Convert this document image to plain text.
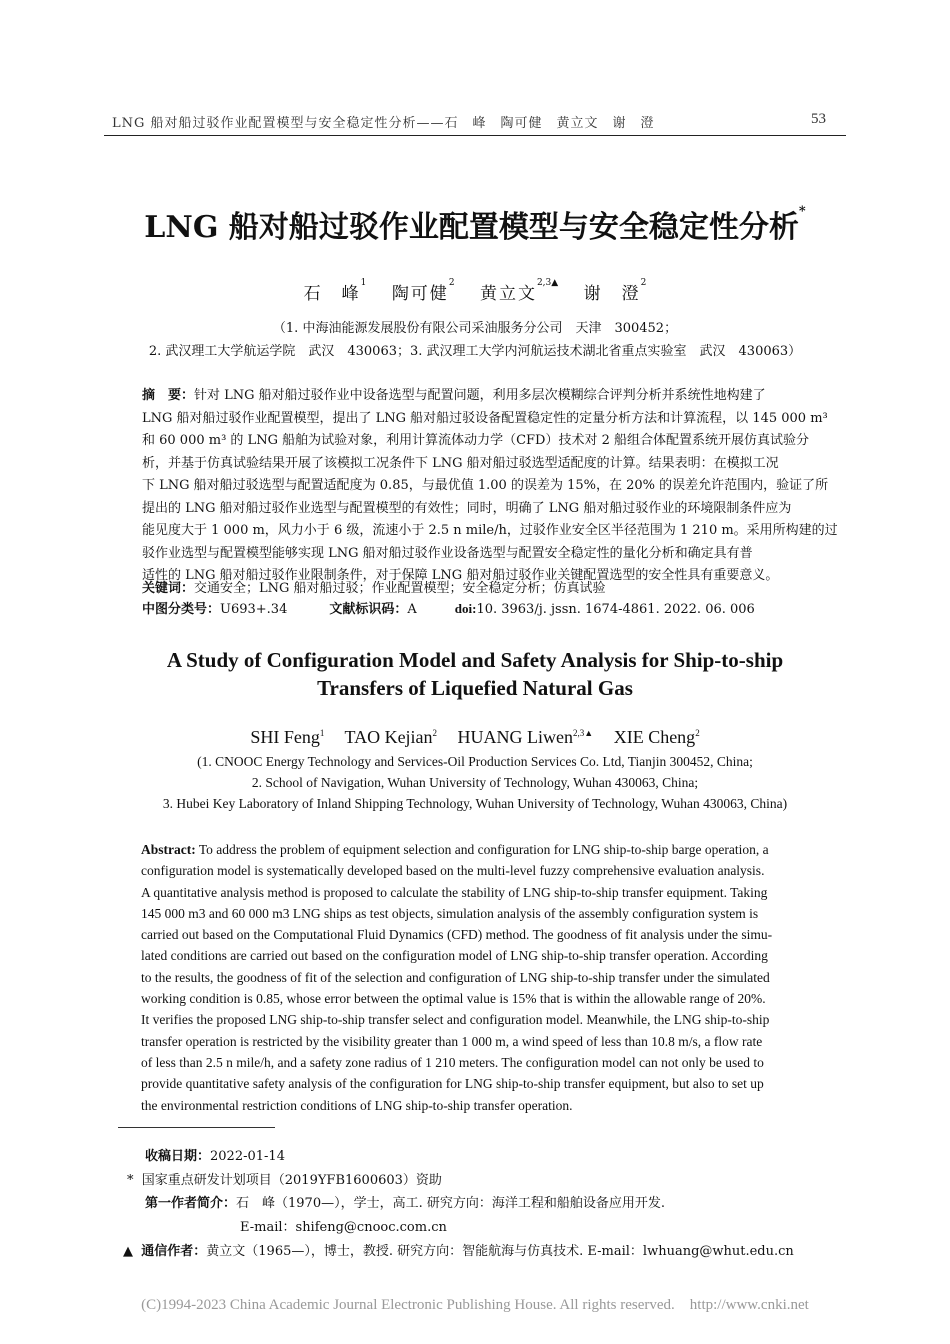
LNG 船对船过驳作业配置模型与安全稳定性分析——石　峰　陶可健　黄立文　谢　澄	53
LNG 船对船过驳作业配置模型与安全稳定性分析*
石　峰$^1$ 陶可健$^2$ 黄立文$^{2,3▲}$ 谢　澄$^2$
（1. 中海油能源发展股份有限公司采油服务分公司　天津　300452；
2. 武汉理工大学航运学院　武汉　430063；3. 武汉理工大学内河航运技术湖北省重点实验室　武汉　430063）
摘　要：针对 LNG 船对船过驳作业中设备选型与配置问题，利用多层次模糊综合评判分析并系统性地构建了
LNG 船对船过驳作业配置模型，提出了 LNG 船对船过驳设备配置稳定性的定量分析方法和计算流程，以 145 000 m³
和 60 000 m³ 的 LNG 船舶为试验对象，利用计算流体动力学（CFD）技术对 2 船组合体配置系统开展仿真试验分
析，并基于仿真试验结果开展了该模拟工况条件下 LNG 船对船过驳选型适配度的计算。结果表明：在模拟工况
下 LNG 船对船过驳选型与配置适配度为 0.85，与最优值 1.00 的误差为 15%，在 20% 的误差允许范围内，验证了所
提出的 LNG 船对船过驳作业选型与配置模型的有效性；同时，明确了 LNG 船对船过驳作业的环境限制条件应为
能见度大于 1 000 m，风力小于 6 级，流速小于 2.5 n mile/h，过驳作业安全区半径范围为 1 210 m。采用所构建的过
驳作业选型与配置模型能够实现 LNG 船对船过驳作业设备选型与配置安全稳定性的量化分析和确定具有普
适性的 LNG 船对船过驳作业限制条件，对于保障 LNG 船对船过驳作业关键配置选型的安全性具有重要意义。
关键词：交通安全；LNG 船对船过驳；作业配置模型；安全稳定分析；仿真试验
中图分类号：U693+.34	文献标识码：A	doi:10. 3963/j. jssn. 1674-4861. 2022. 06. 006
A Study of Configuration Model and Safety Analysis for Ship-to-ship
Transfers of Liquefied Natural Gas
SHI Feng$^1$ TAO Kejian$^2$ HUANG Liwen$^{2,3▲}$ XIE Cheng$^2$
(1. CNOOC Energy Technology and Services-Oil Production Services Co. Ltd, Tianjin 300452, China;
2. School of Navigation, Wuhan University of Technology, Wuhan 430063, China;
3. Hubei Key Laboratory of Inland Shipping Technology, Wuhan University of Technology, Wuhan 430063, China)
Abstract: To address the problem of equipment selection and configuration for LNG ship-to-ship barge operation, a
configuration model is systematically developed based on the multi-level fuzzy comprehensive evaluation analysis.
A quantitative analysis method is proposed to calculate the stability of LNG ship-to-ship transfer equipment. Taking
145 000 m3 and 60 000 m3 LNG ships as test objects, simulation analysis of the assembly configuration system is
carried out based on the Computational Fluid Dynamics (CFD) method. The goodness of fit analysis under the simu-
lated conditions are carried out based on the configuration model of LNG ship-to-ship transfer operation. According
to the results, the goodness of fit of the selection and configuration of LNG ship-to-ship transfer under the simulated
working condition is 0.85, whose error between the optimal value is 15% that is within the allowable range of 20%.
It verifies the proposed LNG ship-to-ship transfer select and configuration model. Meanwhile, the LNG ship-to-ship
transfer operation is restricted by the visibility greater than 1 000 m, a wind speed of less than 10.8 m/s, a flow rate
of less than 2.5 n mile/h, and a safety zone radius of 1 210 meters. The configuration model can not only be used to
provide quantitative safety analysis of the configuration for LNG ship-to-ship transfer equipment, but also to set up
the environmental restriction conditions of LNG ship-to-ship transfer operation.
收稿日期：2022-01-14
* 国家重点研发计划项目（2019YFB1600603）资助
第一作者简介：石　峰（1970—），学士，高工. 研究方向：海洋工程和船舶设备应用开发.
E-mail：shifeng@cnooc.com.cn
▲ 通信作者：黄立文（1965—），博士，教授. 研究方向：智能航海与仿真技术. E-mail：lwhuang@whut.edu.cn
(C)1994-2023 China Academic Journal Electronic Publishing House. All rights reserved.    http://www.cnki.net
